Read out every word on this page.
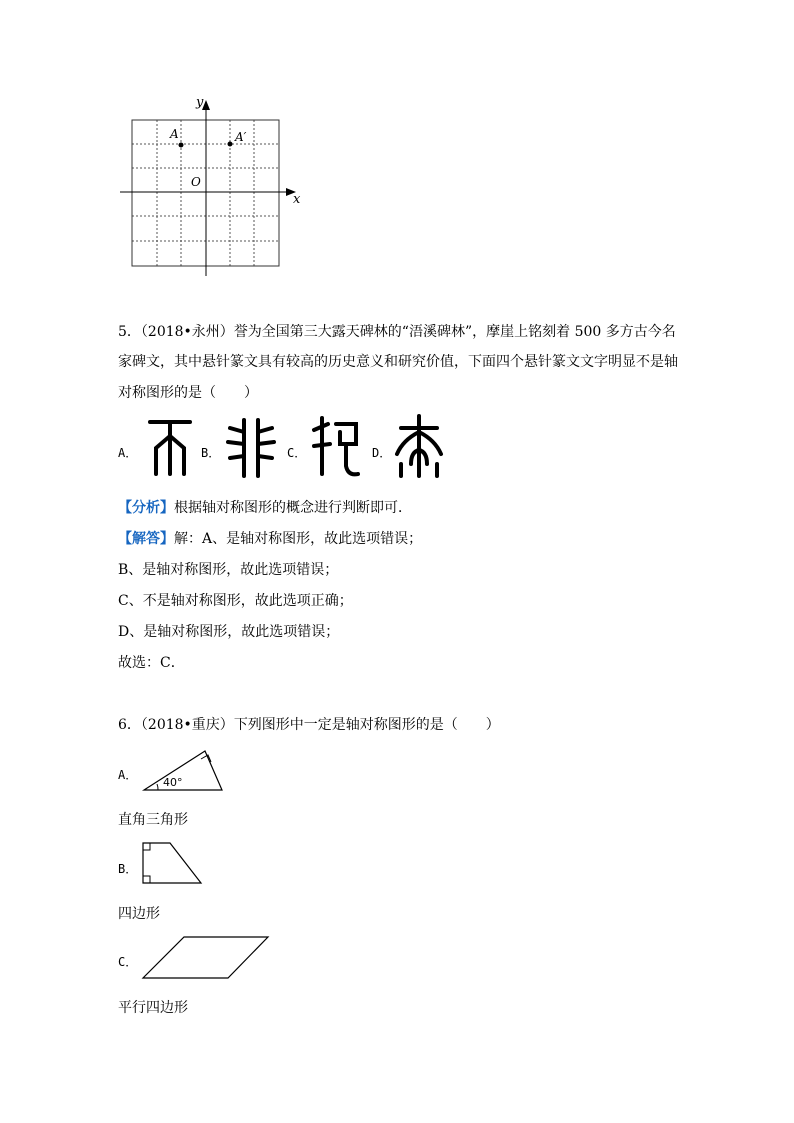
y
x
O
A	A′
5．（2018•永州）誉为全国第三大露天碑林的“浯溪碑林”，摩崖上铭刻着 500 多方古今名
家碑文，其中悬针篆文具有较高的历史意义和研究价值，下面四个悬针篆文文字明显不是轴
对称图形的是（　　）
A．	B．	C．	D．
【分析】根据轴对称图形的概念进行判断即可．
【解答】解：A、是轴对称图形，故此选项错误；
B、是轴对称图形，故此选项错误；
C、不是轴对称图形，故此选项正确；
D、是轴对称图形，故此选项错误；
故选：C．
6．（2018•重庆）下列图形中一定是轴对称图形的是（　　）
A．
40°
直角三角形
B．
四边形
C．
平行四边形
